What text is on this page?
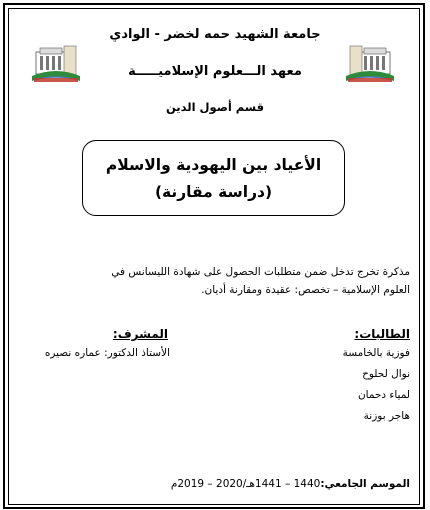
جامعة الشهيد حمه لخضر - الوادي
معهد الـــعلوم الإسلاميـــــة
قسم أصول الدين
الأعياد بين اليهودية والاسلام
(دراسة مقارنة)
مذكرة تخرج تدخل ضمن متطلبات الحصول على شهادة الليسانس في
العلوم الإسلامية – تخصص: عقيدة ومقارنة أديان.
الطالبات:
المشرف:
الأستاذ الدكتور: عماره نصيره	فوزية بالخامسة
نوال لحلوح
لمياء دحمان
هاجر بوزنة
الموسم الجامعي:1440 – 1441هـ/2020 – 2019م
